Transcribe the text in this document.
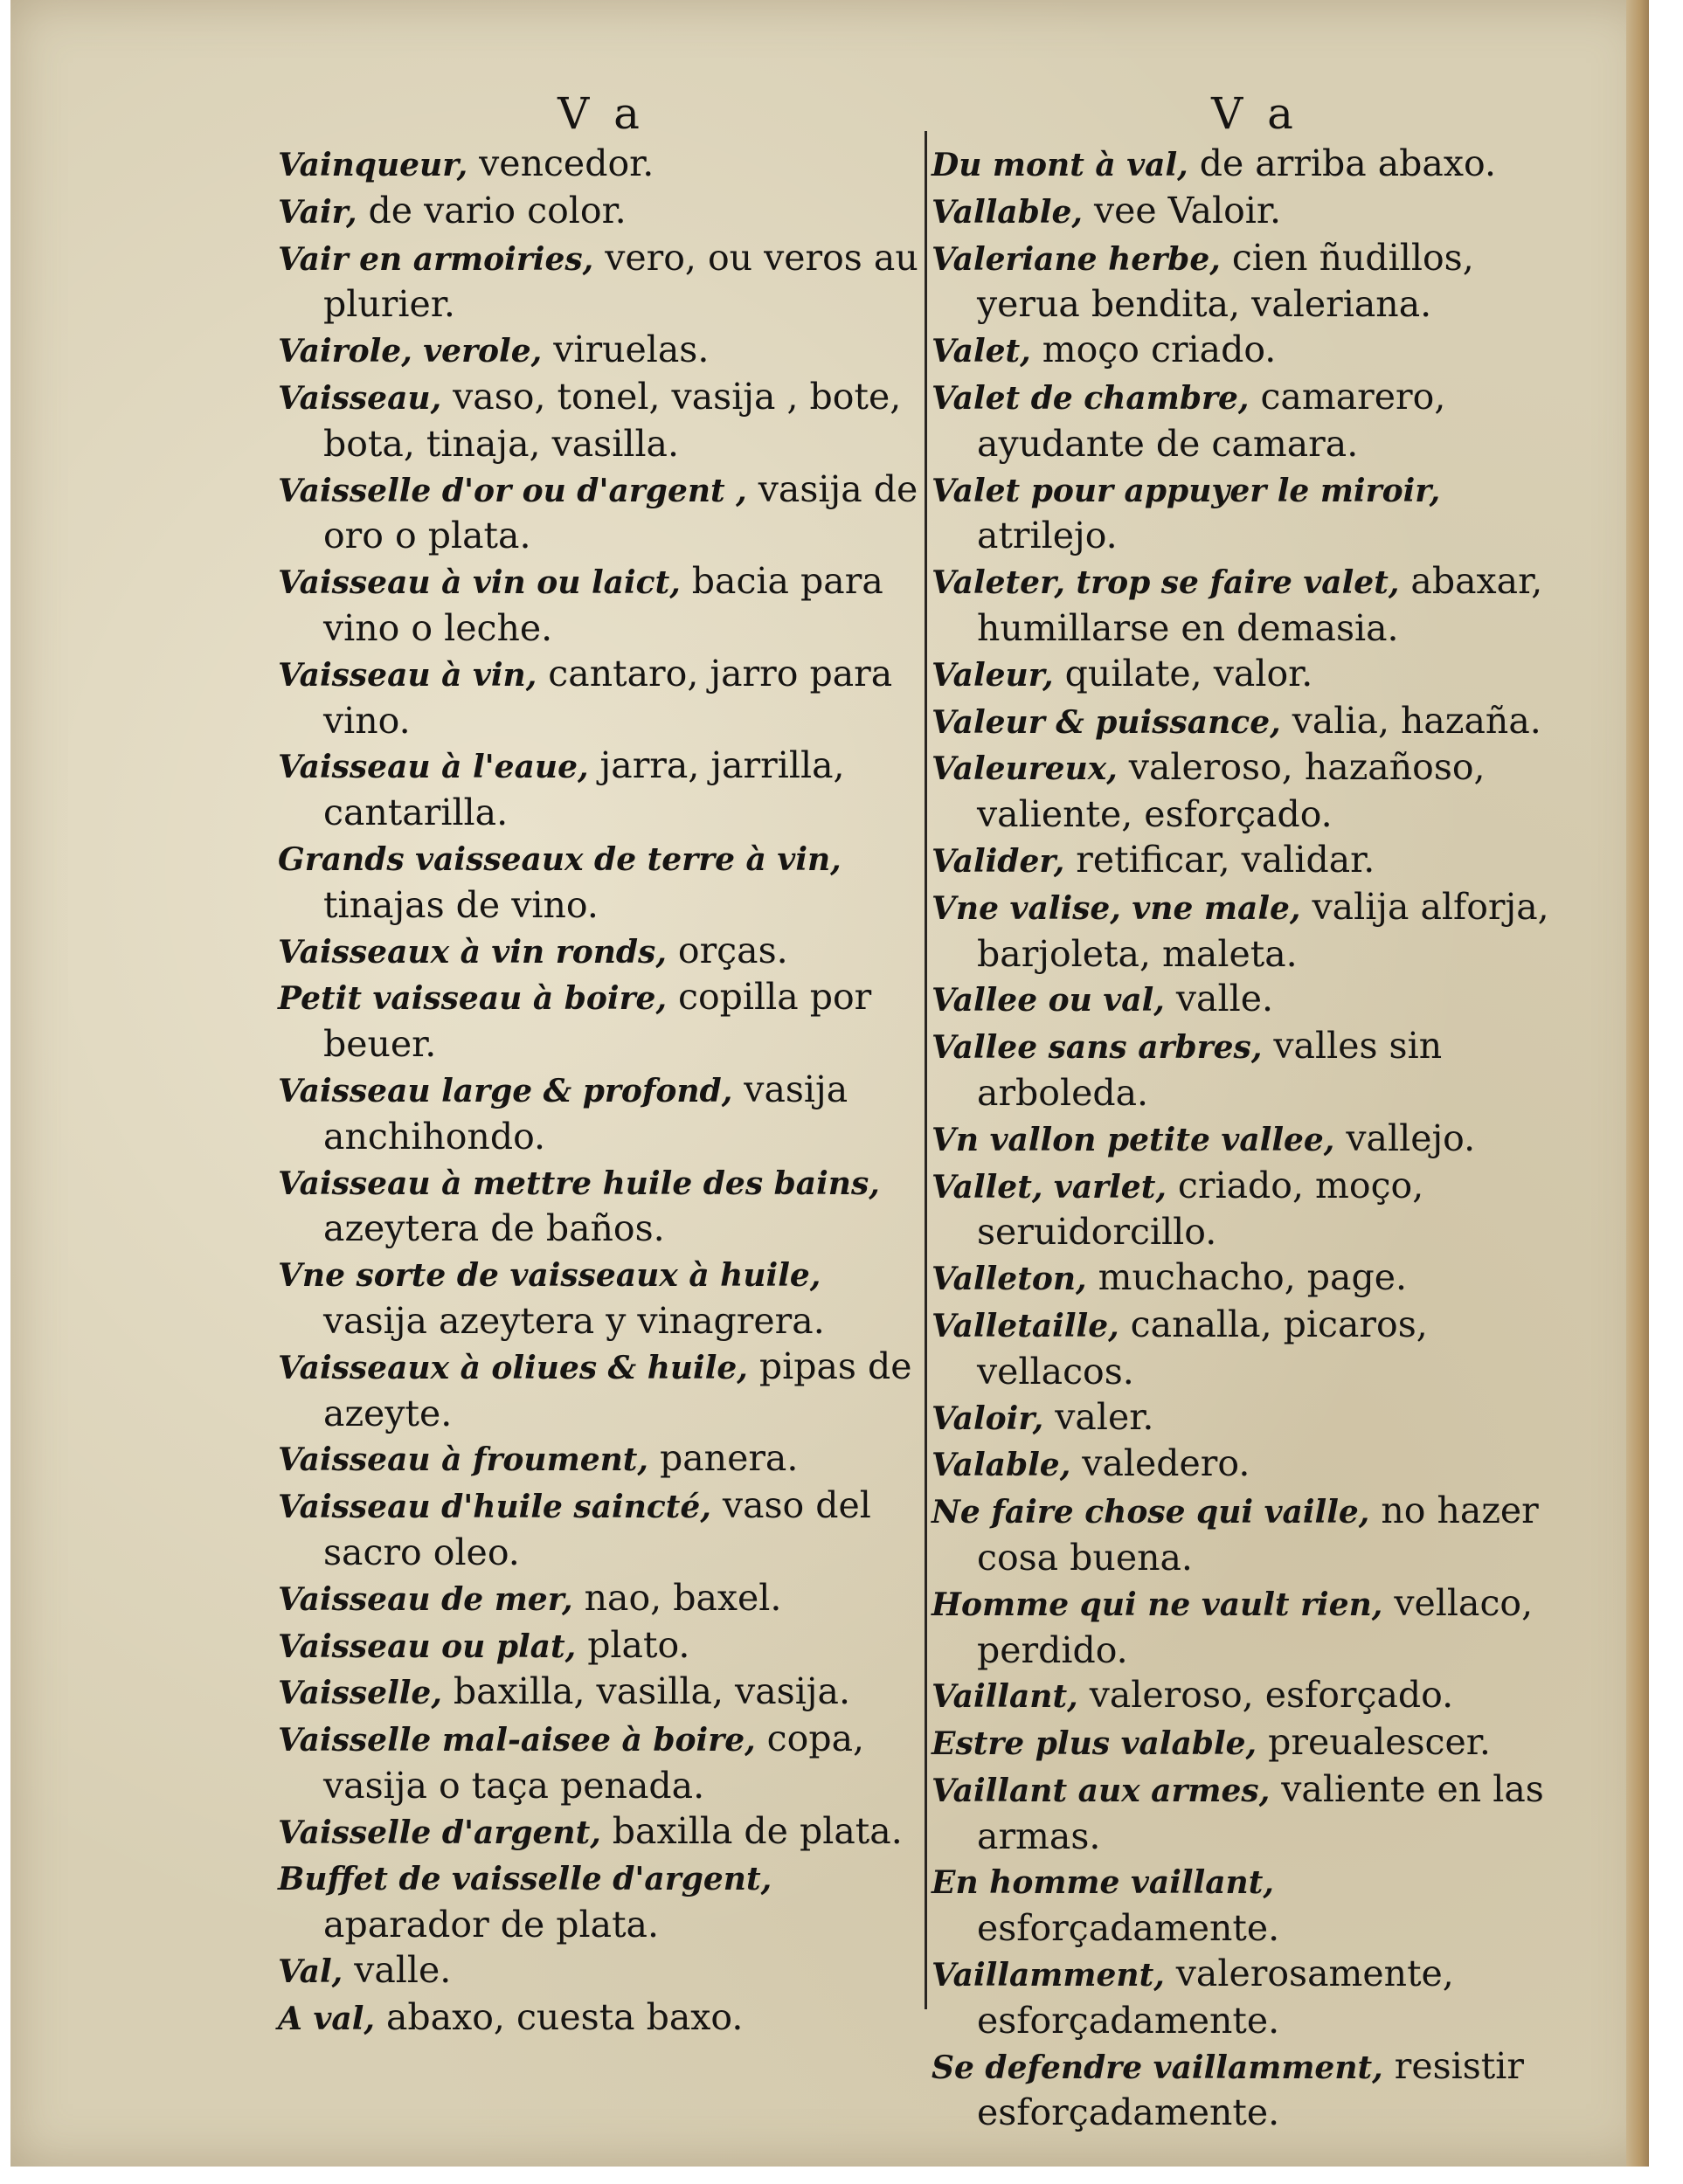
V a
Vainqueur, vencedor.
Vair, de vario color.
Vair en armoiries, vero, ou veros au plurier.
Vairole, verole, viruelas.
Vaisseau, vaso, tonel, vasija , bote, bota, tinaja, vasilla.
Vaisselle d'or ou d'argent , vasija de oro o plata.
Vaisseau à vin ou laict, bacia para vino o leche.
Vaisseau à vin, cantaro, jarro para vino.
Vaisseau à l'eaue, jarra, jarrilla, cantarilla.
Grands vaisseaux de terre à vin, tinajas de vino.
Vaisseaux à vin ronds, orças.
Petit vaisseau à boire, copilla por beuer.
Vaisseau large & profond, vasija anchihondo.
Vaisseau à mettre huile des bains, azeytera de baños.
Vne sorte de vaisseaux à huile, vasija azeytera y vinagrera.
Vaisseaux à oliues & huile, pipas de azeyte.
Vaisseau à froument, panera.
Vaisseau d'huile saincté, vaso del sacro oleo.
Vaisseau de mer, nao, baxel.
Vaisseau ou plat, plato.
Vaisselle, baxilla, vasilla, vasija.
Vaisselle mal-aisee à boire, copa, vasija o taça penada.
Vaisselle d'argent, baxilla de plata.
Buffet de vaisselle d'argent, aparador de plata.
Val, valle.
A val, abaxo, cuesta baxo.
V a
Du mont à val, de arriba abaxo.
Vallable, vee Valoir.
Valeriane herbe, cien ñudillos, yerua bendita, valeriana.
Valet, moço criado.
Valet de chambre, camarero, ayudante de camara.
Valet pour appuyer le miroir, atrilejo.
Valeter, trop se faire valet, abaxar, humillarse en demasia.
Valeur, quilate, valor.
Valeur & puissance, valia, hazaña.
Valeureux, valeroso, hazañoso, valiente, esforçado.
Valider, retificar, validar.
Vne valise, vne male, valija alforja, barjoleta, maleta.
Vallee ou val, valle.
Vallee sans arbres, valles sin arboleda.
Vn vallon petite vallee, vallejo.
Vallet, varlet, criado, moço, seruidorcillo.
Valleton, muchacho, page.
Valletaille, canalla, picaros, vellacos.
Valoir, valer.
Valable, valedero.
Ne faire chose qui vaille, no hazer cosa buena.
Homme qui ne vault rien, vellaco, perdido.
Vaillant, valeroso, esforçado.
Estre plus valable, preualescer.
Vaillant aux armes, valiente en las armas.
En homme vaillant, esforçadamente.
Vaillamment, valerosamente, esforçadamente.
Se defendre vaillamment, resistir esforçadamente.
